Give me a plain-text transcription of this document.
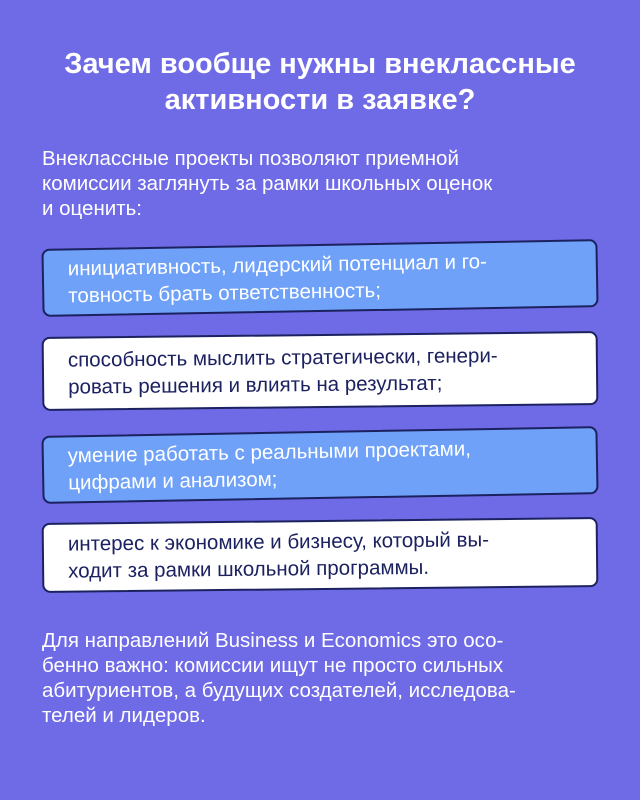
Зачем вообще нужны внеклассные
активности в заявке?

Внеклассные проекты позволяют приемной
комиссии заглянуть за рамки школьных оценок
и оценить:

инициативность, лидерский потенциал и го-
товность брать ответственность;
способность мыслить стратегически, генери-
ровать решения и влиять на результат;
умение работать с реальными проектами,
цифрами и анализом;
интерес к экономике и бизнесу, который вы-
ходит за рамки школьной программы.

Для направлений Business и Economics это осо-
бенно важно: комиссии ищут не просто сильных
абитуриентов, а будущих создателей, исследова-
телей и лидеров.
